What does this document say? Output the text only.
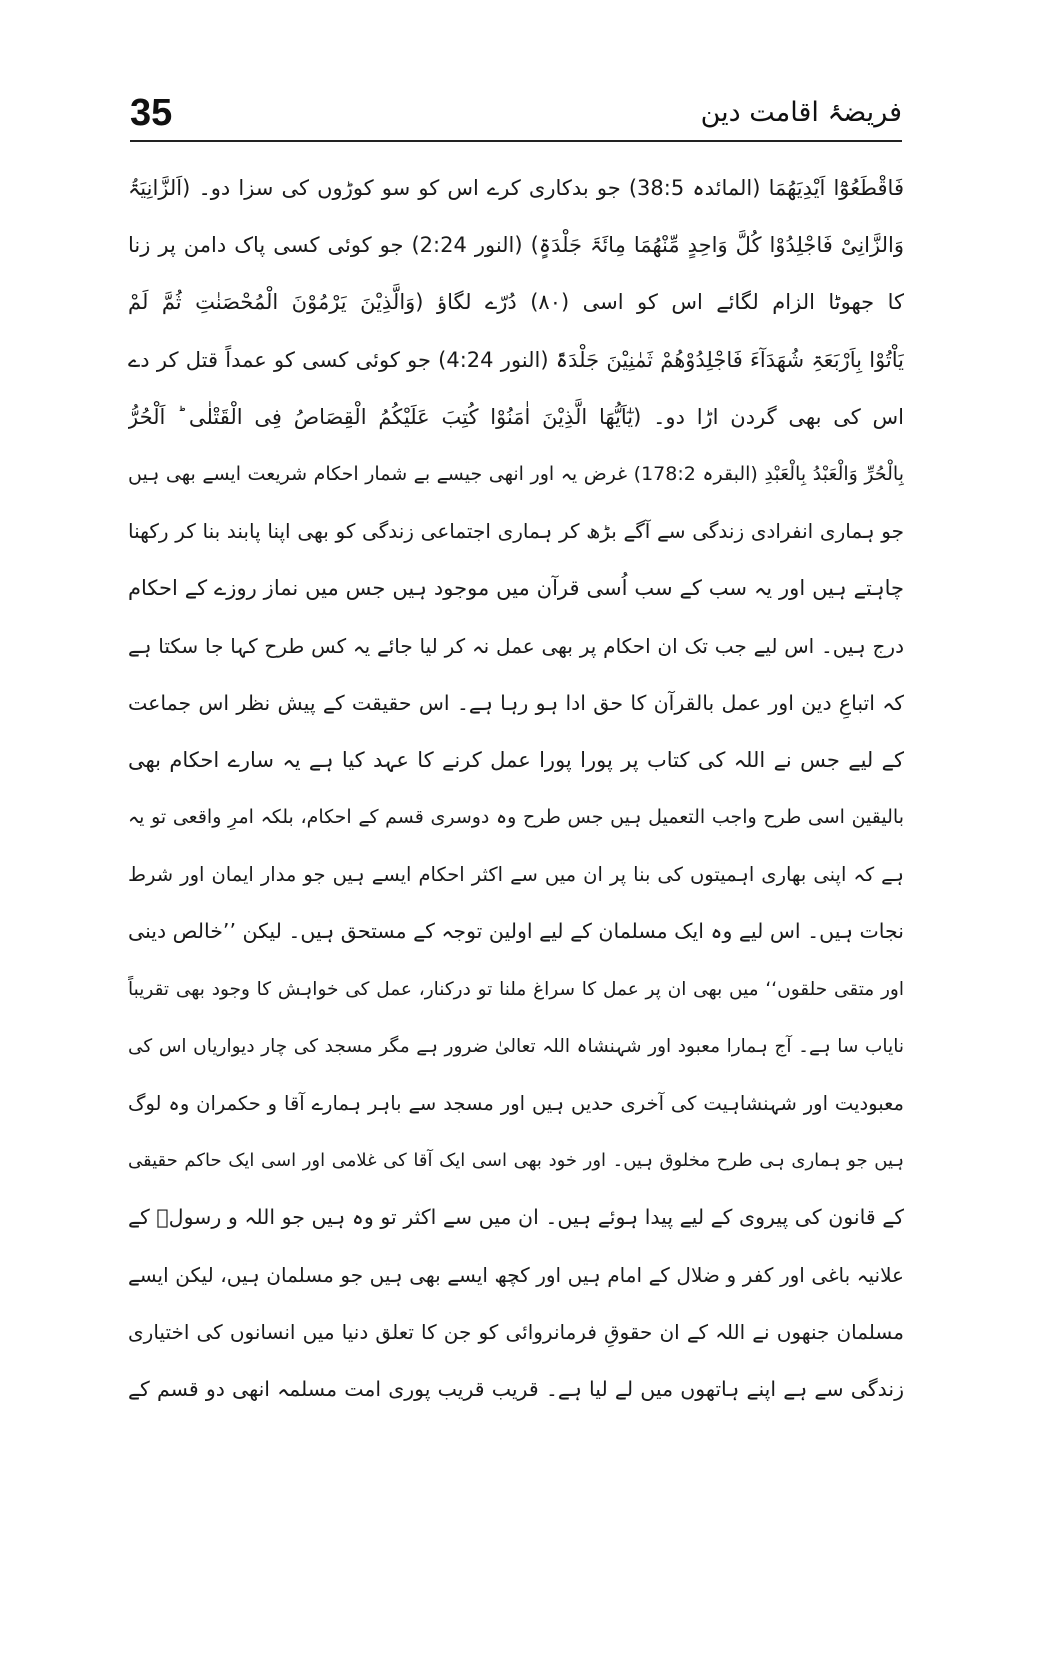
35	فریضۂ اقامت دین
فَاقْطَعُوْٓا اَیْدِیَھُمَا (المائدہ 38:5) جو بدکاری کرے اس کو سو کوڑوں کی سزا دو۔ (اَلزَّانِیَۃُ
وَالزَّانِیْ فَاجْلِدُوْا کُلَّ وَاحِدٍ مِّنْھُمَا مِائَۃَ جَلْدَۃٍ) (النور 2:24) جو کوئی کسی پاک دامن پر زنا
کا جھوٹا الزام لگائے اس کو اسی (۸۰) دُرّے لگاؤ (وَالَّذِیْنَ یَرْمُوْنَ الْمُحْصَنٰتِ ثُمَّ لَمْ
یَاْتُوْا بِاَرْبَعَۃِ شُھَدَآءَ فَاجْلِدُوْھُمْ ثَمٰنِیْنَ جَلْدَۃً (النور 4:24) جو کوئی کسی کو عمداً قتل کر دے
اس کی بھی گردن اڑا دو۔ (یٰٓاَیُّھَا الَّذِیْنَ اٰمَنُوْا کُتِبَ عَلَیْکُمُ الْقِصَاصُ فِی الْقَتْلٰی ؕ اَلْحُرُّ
بِالْحُرِّ وَالْعَبْدُ بِالْعَبْدِ (البقرہ 178:2) غرض یہ اور انھی جیسے بے شمار احکام شریعت ایسے بھی ہیں
جو ہماری انفرادی زندگی سے آگے بڑھ کر ہماری اجتماعی زندگی کو بھی اپنا پابند بنا کر رکھنا
چاہتے ہیں اور یہ سب کے سب اُسی قرآن میں موجود ہیں جس میں نماز روزے کے احکام
درج ہیں۔ اس لیے جب تک ان احکام پر بھی عمل نہ کر لیا جائے یہ کس طرح کہا جا سکتا ہے
کہ اتباعِ دین اور عمل بالقرآن کا حق ادا ہو رہا ہے۔ اس حقیقت کے پیش نظر اس جماعت
کے لیے جس نے اللہ کی کتاب پر پورا پورا عمل کرنے کا عہد کیا ہے یہ سارے احکام بھی
بالیقین اسی طرح واجب التعمیل ہیں جس طرح وہ دوسری قسم کے احکام، بلکہ امرِ واقعی تو یہ
ہے کہ اپنی بھاری اہمیتوں کی بنا پر ان میں سے اکثر احکام ایسے ہیں جو مدار ایمان اور شرط
نجات ہیں۔ اس لیے وہ ایک مسلمان کے لیے اولین توجہ کے مستحق ہیں۔ لیکن ’’خالص دینی
اور متقی حلقوں‘‘ میں بھی ان پر عمل کا سراغ ملنا تو درکنار، عمل کی خواہش کا وجود بھی تقریباً
نایاب سا ہے۔ آج ہمارا معبود اور شہنشاہ اللہ تعالیٰ ضرور ہے مگر مسجد کی چار دیواریاں اس کی
معبودیت اور شہنشاہیت کی آخری حدیں ہیں اور مسجد سے باہر ہمارے آقا و حکمران وہ لوگ
ہیں جو ہماری ہی طرح مخلوق ہیں۔ اور خود بھی اسی ایک آقا کی غلامی اور اسی ایک حاکم حقیقی
کے قانون کی پیروی کے لیے پیدا ہوئے ہیں۔ ان میں سے اکثر تو وہ ہیں جو اللہ و رسولؐ کے
علانیہ باغی اور کفر و ضلال کے امام ہیں اور کچھ ایسے بھی ہیں جو مسلمان ہیں، لیکن ایسے
مسلمان جنھوں نے اللہ کے ان حقوقِ فرمانروائی کو جن کا تعلق دنیا میں انسانوں کی اختیاری
زندگی سے ہے اپنے ہاتھوں میں لے لیا ہے۔ قریب قریب پوری امت مسلمہ انھی دو قسم کے
